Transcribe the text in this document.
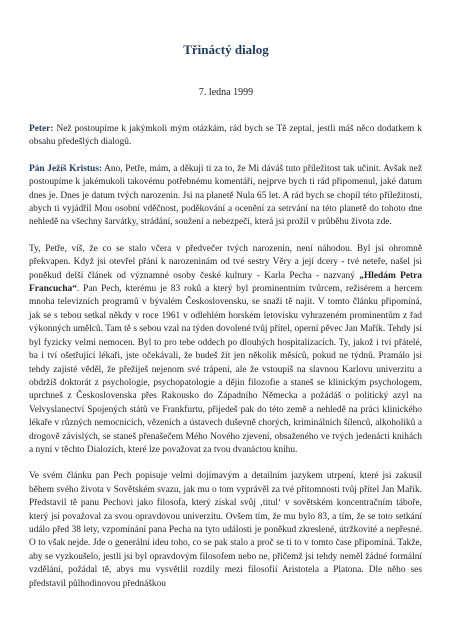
Třináctý dialog
7. ledna 1999

Peter: Než postoupíme k jakýmkoli mým otázkám, rád bych se Tě zeptal, jestli máš něco dodatkem k obsahu předešlých dialogů.

Pán Ježíš Kristus: Ano, Petře, mám, a děkuji ti za to, že Mi dáváš tuto příležitost tak učinit. Avšak než postoupíme k jakémukoli takovému potřebnému komentáři, nejprve bych ti rád připomenul, jaké datum dnes je. Dnes je datum tvých narozenin. Jsi na planetě Nula 65 let. A rád bych se chopil této příležitosti, abych ti vyjádřil Mou osobní vděčnost, poděkování a ocenění za setrvání na této planetě do tohoto dne nehledě na všechny šarvátky, strádání, soužení a nebezpečí, která jsi prožil v průběhu života zde.

Ty, Petře, víš, že co se stalo včera v předvečer tvých narozenin, není náhodou. Byl jsi ohromně překvapen. Když jsi otevřel přání k narozeninám od tvé sestry Věry a její dcery - tvé neteře, našel jsi poněkud delší článek od významné osoby české kultury - Karla Pecha - nazvaný „Hledám Petra Francucha“. Pan Pech, kterému je 83 roků a který byl prominentním tvůrcem, režisérem a hercem mnoha televizních programů v bývalém Československu, se snaží tě najít. V tomto článku připomíná, jak se s tebou setkal někdy v roce 1961 v odlehlém horském letovisku vyhrazeném prominentům z řad výkonných umělců. Tam tě s sebou vzal na týden dovolené tvůj přítel, operní pěvec Jan Mařík. Tehdy jsi byl fyzicky velmi nemocen. Byl to pro tebe oddech po dlouhých hospitalizacích. Ty, jakož i tví přátelé, ba i tví ošetřující lékaři, jste očekávali, že budeš žít jen několik měsíců, pokud ne týdnů. Pramálo jsi tehdy zajisté věděl, že přežiješ nejenom své trápení, ale že vstoupíš na slavnou Karlovu univerzitu a obdržíš doktorát z psychologie, psychopatologie a dějin filozofie a staneš se klinickým psychologem, uprchneš z Československa přes Rakousko do Západního Německa a požádáš o politický azyl na Velvyslanectví Spojených států ve Frankfurtu, přijedeš pak do této země a nehledě na práci klinického lékaře v různých nemocnicích, vězeních a ústavech duševně chorých, kriminálních šílenců, alkoholiků a drogově závislých, se staneš přenašečem Mého Nového zjevení, obsaženého ve tvých jedenácti knihách a nyní v těchto Dialozích, které lze považovat za tvou dvanáctou knihu.

Ve svém článku pan Pech popisuje velmi dojímavým a detailním jazykem utrpení, které jsi zakusil během svého života v Sovětském svazu, jak mu o tom vyprávěl za tvé přítomnosti tvůj přítel Jan Mařík. Představil tě panu Pechovi jako filosofa, který získal svůj ‚titul‘ v sovětském koncentračním táboře, který jsi považoval za svou opravdovou univerzitu. Ovšem tím, že mu bylo 83, a tím, že se toto setkání událo před 38 lety, vzpomínání pana Pecha na tyto události je poněkud zkreslené, útržkovité a nepřesné. O to však nejde. Jde o generální ideu toho, co se pak stalo a proč se ti to v tomto čase připomíná. Takže, aby se vyzkoušelo, jestli jsi byl opravdovým filosofem nebo ne, přičemž jsi tehdy neměl žádné formální vzdělání, požádal tě, abys mu vysvětlil rozdíly mezi filosofií Aristotela a Platona. Dle něho ses představil půlhodinovou přednáškou
